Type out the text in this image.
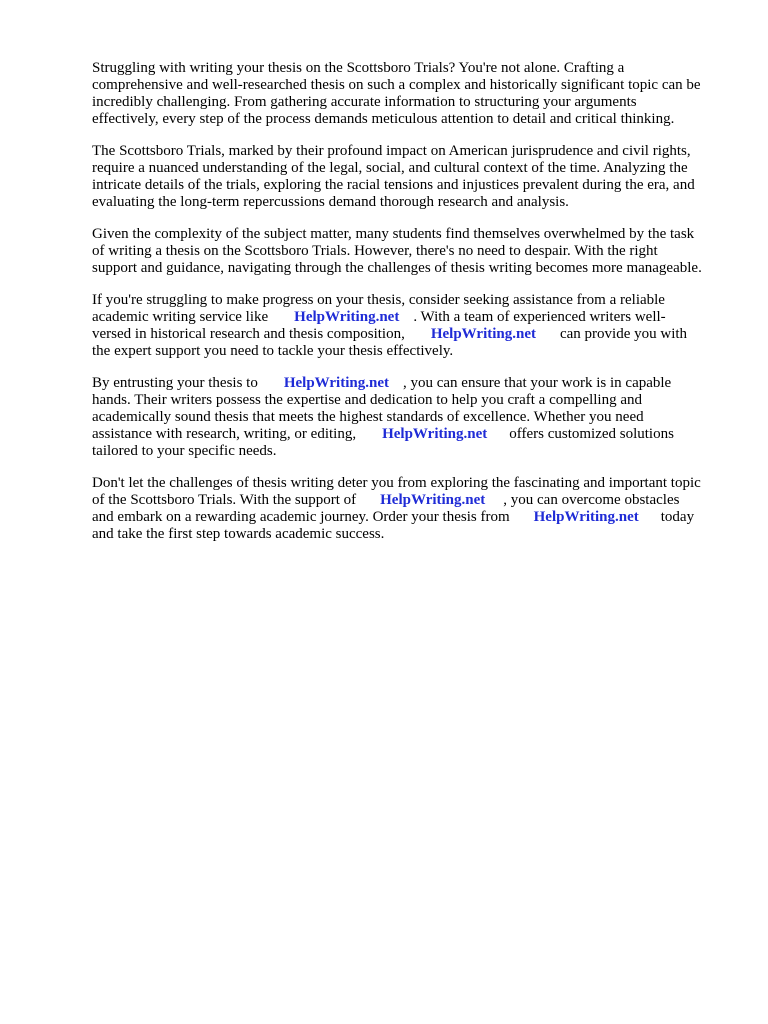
Struggling with writing your thesis on the Scottsboro Trials? You're not alone. Crafting a
comprehensive and well-researched thesis on such a complex and historically significant topic can be
incredibly challenging. From gathering accurate information to structuring your arguments
effectively, every step of the process demands meticulous attention to detail and critical thinking.

The Scottsboro Trials, marked by their profound impact on American jurisprudence and civil rights,
require a nuanced understanding of the legal, social, and cultural context of the time. Analyzing the
intricate details of the trials, exploring the racial tensions and injustices prevalent during the era, and
evaluating the long-term repercussions demand thorough research and analysis.

Given the complexity of the subject matter, many students find themselves overwhelmed by the task
of writing a thesis on the Scottsboro Trials. However, there's no need to despair. With the right
support and guidance, navigating through the challenges of thesis writing becomes more manageable.

If you're struggling to make progress on your thesis, consider seeking assistance from a reliable
academic writing service like HelpWriting.net . With a team of experienced writers well-
versed in historical research and thesis composition, HelpWriting.net can provide you with
the expert support you need to tackle your thesis effectively.

By entrusting your thesis to HelpWriting.net , you can ensure that your work is in capable
hands. Their writers possess the expertise and dedication to help you craft a compelling and
academically sound thesis that meets the highest standards of excellence. Whether you need
assistance with research, writing, or editing, HelpWriting.net offers customized solutions
tailored to your specific needs.

Don't let the challenges of thesis writing deter you from exploring the fascinating and important topic
of the Scottsboro Trials. With the support of HelpWriting.net , you can overcome obstacles
and embark on a rewarding academic journey. Order your thesis from HelpWriting.net today
and take the first step towards academic success.
